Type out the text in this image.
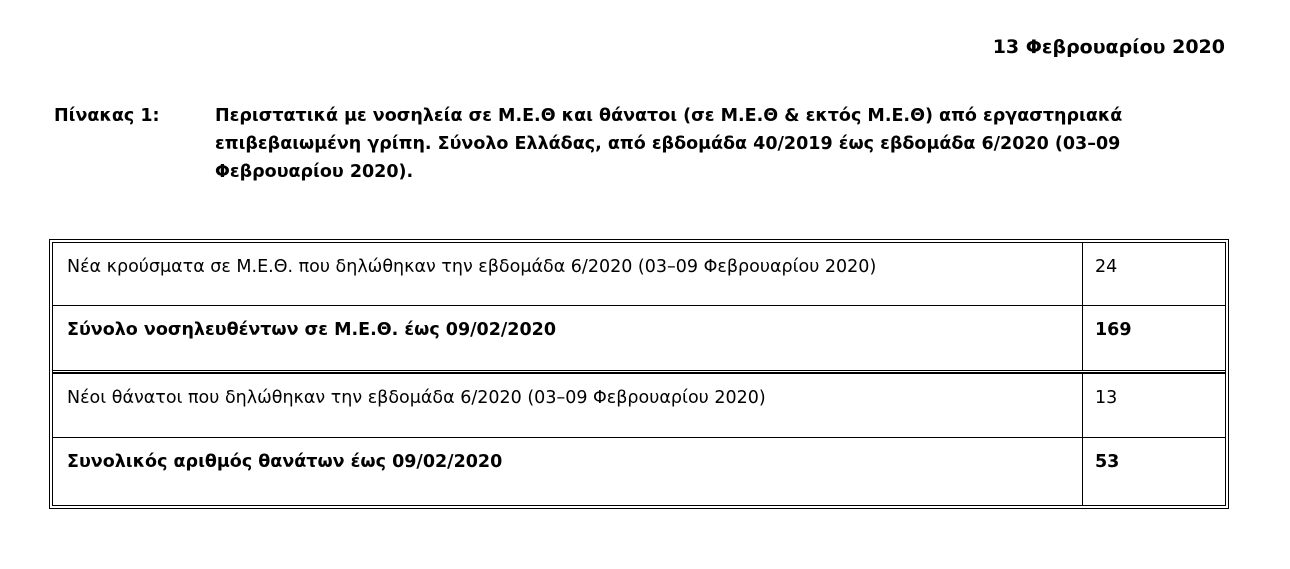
13 Φεβρουαρίου 2020
Πίνακας 1:	Περιστατικά με νοσηλεία σε Μ.Ε.Θ και θάνατοι (σε Μ.Ε.Θ & εκτός Μ.Ε.Θ) από εργαστηριακά επιβεβαιωμένη γρίπη. Σύνολο Ελλάδας, από εβδομάδα 40/2019 έως εβδομάδα 6/2020 (03–09 Φεβρουαρίου 2020).
Νέα κρούσματα σε Μ.Ε.Θ. που δηλώθηκαν την εβδομάδα 6/2020 (03–09 Φεβρουαρίου 2020)	24
Σύνολο νοσηλευθέντων σε Μ.Ε.Θ. έως 09/02/2020	169
Νέοι θάνατοι που δηλώθηκαν την εβδομάδα 6/2020 (03–09 Φεβρουαρίου 2020)	13
Συνολικός αριθμός θανάτων έως 09/02/2020	53
